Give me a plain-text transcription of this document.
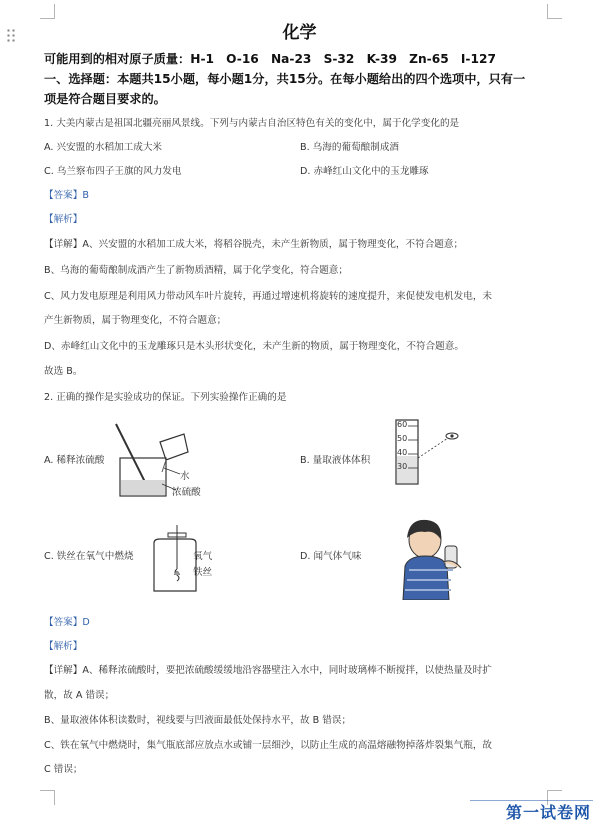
化学
可能用到的相对原子质量：H-1　O-16　Na-23　S-32　K-39　Zn-65　I-127
一、选择题：本题共15小题，每小题1分，共15分。在每小题给出的四个选项中，只有一
项是符合题目要求的。
1. 大美内蒙古是祖国北疆亮丽风景线。下列与内蒙古自治区特色有关的变化中，属于化学变化的是
A. 兴安盟的水稻加工成大米	B. 乌海的葡萄酿制成酒
C. 乌兰察布四子王旗的风力发电	D. 赤峰红山文化中的玉龙雕琢
【答案】B
【解析】
【详解】A、兴安盟的水稻加工成大米，将稻谷脱壳，未产生新物质，属于物理变化，不符合题意；
B、乌海的葡萄酿制成酒产生了新物质酒精，属于化学变化，符合题意；
C、风力发电原理是利用风力带动风车叶片旋转，再通过增速机将旋转的速度提升，来促使发电机发电，未
产生新物质，属于物理变化，不符合题意；
D、赤峰红山文化中的玉龙雕琢只是木头形状变化，未产生新的物质，属于物理变化，不符合题意。
故选 B。
2. 正确的操作是实验成功的保证。下列实验操作正确的是
A. 稀释浓硫酸
水
浓硫酸
B. 量取液体体积
60
50
40
30
C. 铁丝在氧气中燃烧	氧气
铁丝
D. 闻气体气味
【答案】D
【解析】
【详解】A、稀释浓硫酸时，要把浓硫酸缓缓地沿容器壁注入水中，同时玻璃棒不断搅拌，以使热量及时扩
散，故 A 错误；
B、量取液体体积读数时，视线要与凹液面最低处保持水平，故 B 错误；
C、铁在氧气中燃烧时，集气瓶底部应放点水或铺一层细沙，以防止生成的高温熔融物掉落炸裂集气瓶，故
C 错误；
第一试卷网
